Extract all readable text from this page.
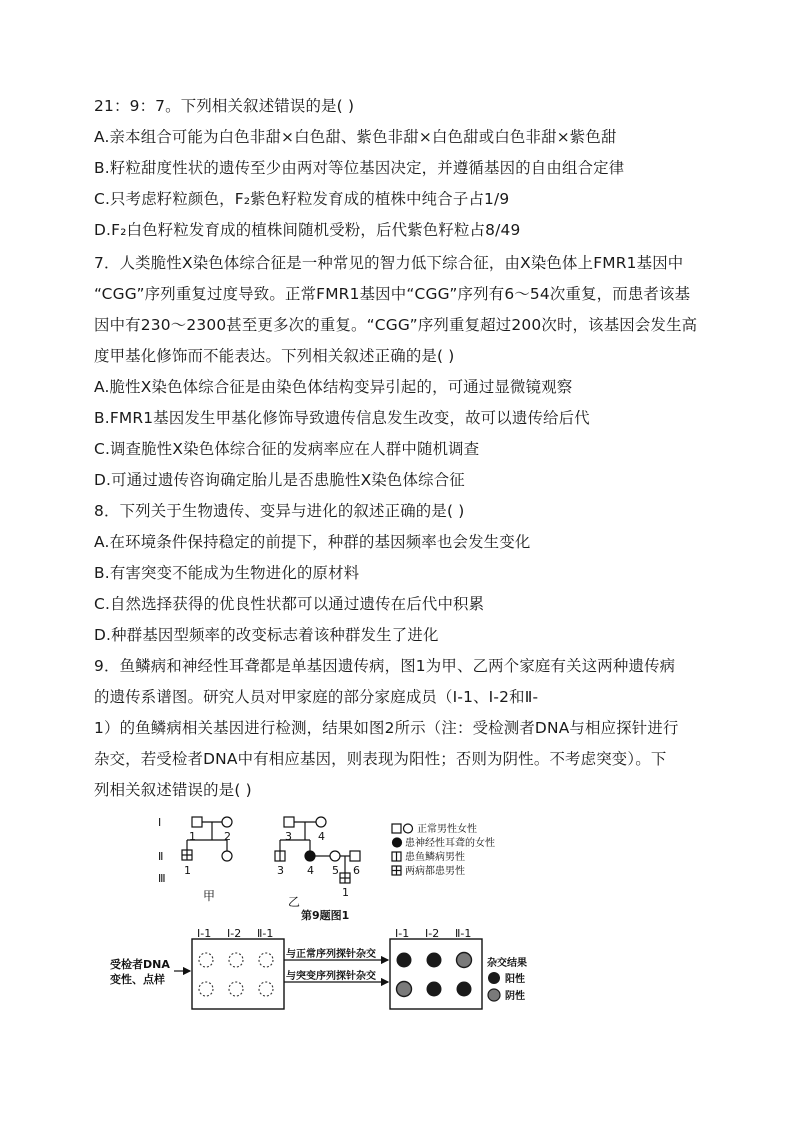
21：9：7。下列相关叙述错误的是( )
A.亲本组合可能为白色非甜×白色甜、紫色非甜×白色甜或白色非甜×紫色甜
B.籽粒甜度性状的遗传至少由两对等位基因决定，并遵循基因的自由组合定律
C.只考虑籽粒颜色，F₂紫色籽粒发育成的植株中纯合子占1/9
D.F₂白色籽粒发育成的植株间随机受粉，后代紫色籽粒占8/49
7．人类脆性X染色体综合征是一种常见的智力低下综合征，由X染色体上FMR1基因中
“CGG”序列重复过度导致。正常FMR1基因中“CGG”序列有6～54次重复，而患者该基
因中有230～2300甚至更多次的重复。“CGG”序列重复超过200次时，该基因会发生高
度甲基化修饰而不能表达。下列相关叙述正确的是( )
A.脆性X染色体综合征是由染色体结构变异引起的，可通过显微镜观察
B.FMR1基因发生甲基化修饰导致遗传信息发生改变，故可以遗传给后代
C.调查脆性X染色体综合征的发病率应在人群中随机调查
D.可通过遗传咨询确定胎儿是否患脆性X染色体综合征
8．下列关于生物遗传、变异与进化的叙述正确的是( )
A.在环境条件保持稳定的前提下，种群的基因频率也会发生变化
B.有害突变不能成为生物进化的原材料
C.自然选择获得的优良性状都可以通过遗传在后代中积累
D.种群基因型频率的改变标志着该种群发生了进化
9．鱼鳞病和神经性耳聋都是单基因遗传病，图1为甲、乙两个家庭有关这两种遗传病
的遗传系谱图。研究人员对甲家庭的部分家庭成员（Ⅰ-1、Ⅰ-2和Ⅱ-
1）的鱼鳞病相关基因进行检测，结果如图2所示（注：受检测者DNA与相应探针进行
杂交，若受检者DNA中有相应基因，则表现为阳性；否则为阴性。不考虑突变）。下
列相关叙述错误的是( )
Ⅰ
Ⅱ
Ⅲ
1	2
1
甲
3 4
3 4 5 6
1
乙
第9题图1
正常男性女性
患神经性耳聋的女性
患鱼鳞病男性
两病都患男性
受检者DNA
变性、点样
Ⅰ-1 Ⅰ-2 Ⅱ-1
与正常序列探针杂交
与突变序列探针杂交
Ⅰ-1 Ⅰ-2 Ⅱ-1
杂交结果
阳性
阴性
